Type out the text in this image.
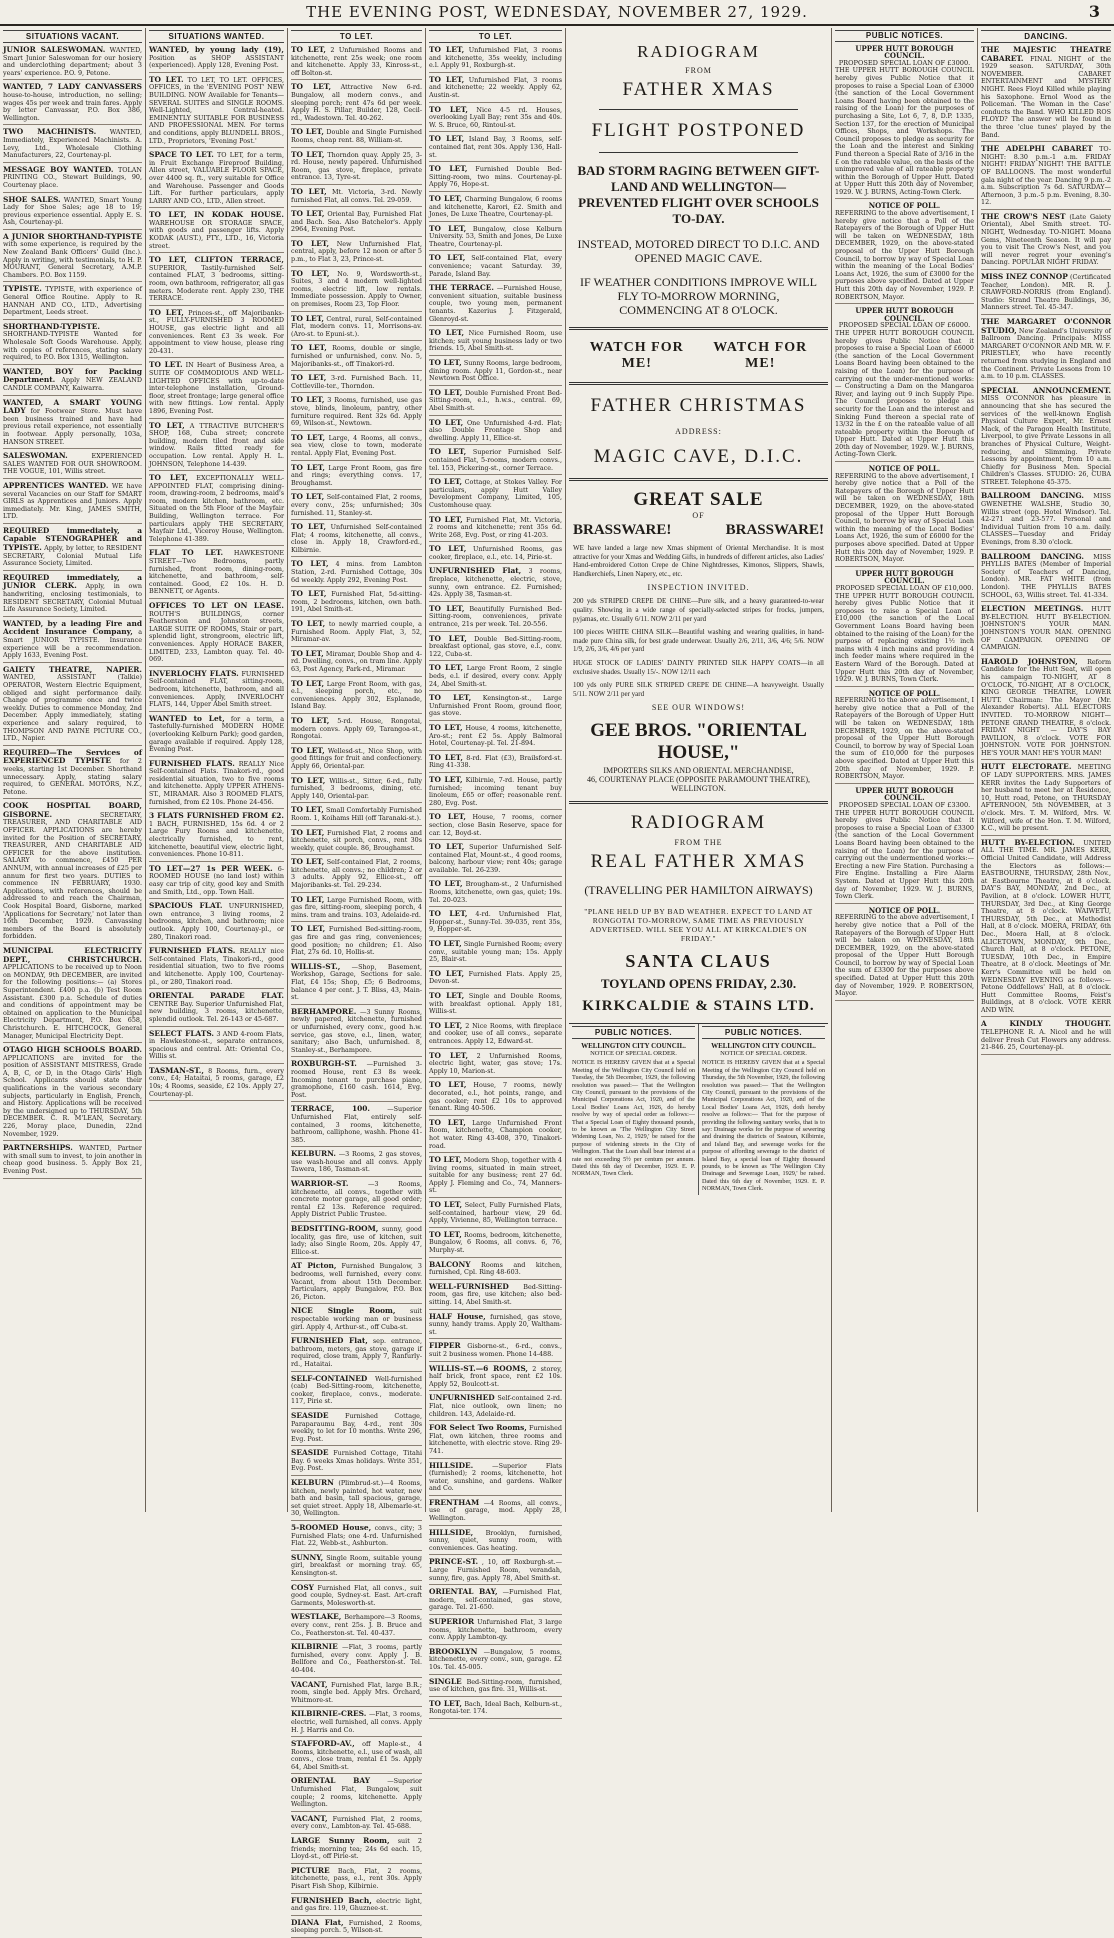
THE EVENING POST, WEDNESDAY, NOVEMBER 27, 1929.	3
SITUATIONS VACANT.
JUNIOR SALESWOMAN. WANTED, Smart Junior Saleswoman for our hosiery and underclothing department; about 3 years' experience. P.O. 9, Petone.
WANTED, 7 LADY CANVASSERS house-to-house, introduction, no selling; wages 45s per week and train fares. Apply by letter Canvassar, P.O. Box 386, Wellington.
TWO MACHINISTS. WANTED, Immediately, Experienced Machinists. A. Levy, Ltd., Wholesale Clothing Manufacturers, 22, Courtenay-pl.
MESSAGE BOY WANTED. TOLAN PRINTING CO., Stewart Buildings, 90, Courtenay place.
SHOE SALES. WANTED, Smart Young Lady for Shoe Sales; age 18 to 19; previous experience essential. Apply E. S. Ash, Courtenay-pl.
A JUNIOR SHORTHAND-TYPISTE with some experience, is required by the New Zealand Bank Officers' Guild (Inc.). Apply in writing, with testimonials, to H. P. MOURANT, General Secretary, A.M.P. Chambers. P.O. Box 1159.
TYPISTE. TYPISTE, with experience of General Office Routine. Apply to R. HANNAH AND CO., LTD., Advertising Department, Leeds street.
SHORTHAND-TYPISTE. SHORTHAND-TYPISTE Wanted for Wholesale Soft Goods Warehouse. Apply, with copies of references, stating salary required, to P.O. Box 1315, Wellington.
WANTED, BOY for Packing Department. Apply NEW ZEALAND CANDLE COMPANY, Kaiwarra.
WANTED, A SMART YOUNG LADY for Footwear Store. Must have been business trained and have had previous retail experience, not essentially in footwear. Apply personally, 103a, HANSON STREET.
SALESWOMAN.	EXPERIENCED SALES WANTED FOR OUR SHOWROOM. THE VOGUE, 101, Willis street.
APPRENTICES WANTED. WE have several Vacancies on our Staff for SMART GIRLS as Apprentices and Juniors. Apply immediately. Mr. King, JAMES SMITH, LTD.
REQUIRED immediately, a Capable STENOGRAPHER and TYPISTE. Apply, by letter, to RESIDENT SECRETARY, Colonial Mutual Life Assurance Society, Limited.
REQUIRED immediately, a JUNIOR CLERK. Apply, in own handwriting, enclosing testimonials, to RESIDENT SECRETARY, Colonial Mutual Life Assurance Society, Limited.
WANTED, by a leading Fire and Accident Insurance Company, a Smart JUNIOR TYPISTE. Insurance experience will be a recommendation. Apply 1633, Evening Post.
GAIETY THEATRE, NAPIER. WANTED, ASSISTANT (Talkie) OPERATOR, Western Electric Equipment, obliged and sight performance daily. Change of programme once and twice weekly. Duties to commence Monday, 2nd December. Apply immediately, stating experience and salary required, to THOMPSON AND PAYNE PICTURE CO., LTD., Napier.
REQUIRED—The Services of EXPERIENCED TYPISTE for 2 weeks, starting 1st December. Shorthand unnecessary. Apply, stating salary required, to GENERAL MOTORS, N.Z., Petone.
COOK HOSPITAL BOARD, GISBORNE.	SECRETARY, TREASURER, AND CHARITABLE AID OFFICER. APPLICATIONS are hereby invited for the Position of SECRETARY, TREASURER, AND CHARITABLE AID OFFICER for the above institution. SALARY to commence, £450 PER ANNUM, with annual increases of £25 per annum for first two years. DUTIES to commence IN FEBRUARY, 1930. Applications, with references, should be addressed to and reach the Chairman, Cook Hospital Board, Gisborne, marked 'Applications for Secretary,' not later than 16th December, 1929. Canvassing members of the Board is absolutely forbidden.
MUNICIPAL ELECTRICITY DEPT., CHRISTCHURCH. APPLICATIONS to be received up to Noon on MONDAY, 9th DECEMBER, are invited for the following positions:— (a) Stores Superintendent. £400 p.a. (b) Test Room Assistant. £300 p.a. Schedule of duties and conditions of appointment may be obtained on application to the Municipal Electricity Department, P.O. Box 658, Christchurch. E. HITCHCOCK, General Manager, Municipal Electricity Dept.
OTAGO HIGH SCHOOLS BOARD. APPLICATIONS are invited for the position of ASSISTANT MISTRESS, Grade A, B, C, or D, in the Otago Girls' High School. Applicants should state their qualifications in the various secondary subjects, particularly in English, French, and History. Applications will be received by the undersigned up to THURSDAY, 5th DECEMBER. C. R. M'LEAN, Secretary. 226, Moray place, Dunedin, 22nd November, 1929.
PARTNERSHIPS. WANTED, Partner with small sum to invest, to join another in cheap good business. 5. Apply Box 21, Evening Post.
SITUATIONS WANTED.
WANTED, by young lady (19), Position as SHOP ASSISTANT (experienced). Apply 128, Evening Post.
TO LET. TO LET, TO LET. OFFICES, OFFICES, in the 'EVENING POST' NEW BUILDING. NOW Available for Tenants— SEVERAL SUITES and SINGLE ROOMS. Well-Lighted, Central-heated. EMINENTLY SUITABLE FOR BUSINESS AND PROFESSIONAL MEN. For terms and conditions, apply BLUNDELL BROS., LTD., Proprietors, 'Evening Post.'
SPACE TO LET. TO LET, for a term, in Fruit Exchange Fireproof Building, Allen street, VALUABLE FLOOR SPACE, over 4400 sq. ft., very suitable for Office and Warehouse. Passenger and Goods Lift. For further particulars, apply LARRY AND CO., LTD., Allen street.
TO LET, IN KODAK HOUSE. WAREHOUSE OR STORAGE SPACE, with goods and passenger lifts. Apply KODAK (AUST.), PTY., LTD., 16, Victoria street.
TO LET, CLIFTON TERRACE, SUPERIOR, Tastily-furnished Self-contained FLAT, 3 bedrooms, sitting-room, own bathroom, refrigerator, all gas meters. Moderate rent. Apply 230, THE TERRACE.
TO LET, Princes-st., off Majoribanks-st., FULLY-FURNISHED 3 ROOMED HOUSE, gas electric light and all conveniences. Rent £3 3s week. For appointment to view house, please ring 20-431.
TO LET. IN Heart of Business Area, a SUITE OF COMMODIOUS AND WELL-LIGHTED OFFICES with up-to-date inter-telephone installation, Ground-floor, street frontage; large general office with new fittings. Low rental. Apply 1896, Evening Post.
TO LET, A TTRACTIVE BUTCHER'S SHOP, 168, Cuba street; concrete building, modern tiled front and side window. Rails fitted ready for occupation. Low rental. Apply H. L. JOHNSON, Telephone 14-439.
TO LET, EXCEPTIONALLY WELL-APPOINTED FLAT, comprising dining-room, drawing-room, 2 bedrooms, maid's room, modern kitchen, bathroom, etc. Situated on the 5th Floor of the Mayfair Building, Wellington terrace. For particulars apply THE SECRETARY, Mayfair Ltd., Viceroy House, Wellington. Telephone 41-389.
FLAT TO LET. HAWKESTONE STREET—Two Bedrooms, partly furnished, front room, dining-room, kitchenette, and bathroom, self-contained. Good, £2 10s. H. D. BENNETT, or Agents.
OFFICES TO LET ON LEASE. ROUTH'S BUILDINGS, corner Featherston and Johnston streets, LARGE SUITE OF ROOMS, Stair or part, splendid light, strongroom, electric lift, conveniences. Apply HORACE BAKER, LIMITED, 233, Lambton quay. Tel. 40-069.
INVERLOCHY FLATS. FURNISHED Self-contained FLAT, sitting-room, bedroom, kitchenette, bathroom, and all conveniences. Apply, INVERLOCHY FLATS, 144, Upper Abel Smith street.
WANTED to Let, for a term, a Tastefully-furnished MODERN HOME (overlooking Kelburn Park); good garden, garage available if required. Apply 128, Evening Post.
FURNISHED FLATS. REALLY Nice Self-contained Flats. Tinakori-rd., good residential situation, two to five rooms and kitchenette. Apply UPPER ATHENS-ST., MIRAMAR. Also 3 ROOMED FLATS, furnished, from £2 10s. Phone 24-456.
3 FLATS FURNISHED FROM £2. 1 BACH, FURNISHED, 15s 6d. 4 or 2 Large Fury Rooms and kitchenette, electrically furnished, to rent, kitchenette, beautiful view, electric light, conveniences. Phone 10-811.
TO LET—27 1s PER WEEK. 6-ROOMED HOUSE (no land lost) within easy car trip of city, good key and Smith and Smith, Ltd., opp. Town Hall.
SPACIOUS FLAT. UNFURNISHED, own entrance, 3 living rooms, 2 bedrooms, kitchen, and bathroom; nice outlook. Apply 100, Courtenay-pl., or 280, Tinakori road.
FURNISHED FLATS. REALLY nice Self-contained Flats, Tinakori-rd., good residential situation, two to five rooms and kitchenette. Apply 100, Courtenay-pl., or 280, Tinakori road.
ORIENTAL PARADE FLAT. CENTRE Bay. Superior Unfurnished Flat, new building, 3 rooms, kitchenette, splendid outlook. Tel. 26-143 or 45-687.
SELECT FLATS. 3 AND 4-room Flats, in Hawkestone-st., separate entrances, spacious and central. Att: Oriental Co., Willis st.
TASMAN-ST., 8 Rooms, furn., every conv., £4; Hataitai, 5 rooms, garage, £2 10s; 4 Rooms, seaside, £2 10s. Apply 27, Courtenay-pl.
TO LET.
TO LET, 2 Unfurnished Rooms and kitchenette, rent 25s week; one room and kitchenette. Apply 33, Kinross-st., off Bolton-st.
TO LET, Attractive New 6-rd. Bungalow, all modern convs., and sleeping porch; rent 47s 6d per week. Apply H. S. Pillar, Builder, 128, Cecil-rd., Wadestown. Tel. 40-262.
TO LET, Double and Single Furnished Rooms, cheap rent. 88, William-st.
TO LET, Thorndon quay. Apply 25, 3-rd. House, newly papered. Unfurnished Room, gas stove, fireplace, private entrance. 13, Tyre-st.
TO LET, Mt. Victoria, 3-rd. Newly furnished Flat, all convs. Tel. 29-059.
TO LET, Oriental Bay, Furnished Flat and Bach. Sea. Also Batchelor's. Apply 2964, Evening Post.
TO LET, New Unfurnished Flat, central, apply, before 12 noon or after 5 p.m., to Flat 3, 23, Prince-st.
TO LET, No. 9, Wordsworth-st., Suites, 3 and 4 modern well-lighted rooms, electric lift, low rentals. Immediate possession. Apply to Owner, on premises, Room 23, Top Floor.
TO LET, Central, rural, Self-contained Flat, modern convs. 11, Morrisons-av. (Aro-st. to Epuni-st.).
TO LET, Rooms, double or single, furnished or unfurnished, conv. No. 5, Majoribanks-st., off Tinakori-rd.
TO LET, 3-rd. Furnished Bach. 11, Cottleville-ter., Thorndon.
TO LET, 3 Rooms, furnished, use gas stove, blinds, linoleum, pantry, other furniture required. Rent 32s 6d. Apply 69, Wilson-st., Newtown.
TO LET, Large, 4 Rooms, all convs., sea view, close to town, moderate rental. Apply Flat, Evening Post.
TO LET, Large Front Room, gas fire and rings; everything convs. 17, Broughamst.
TO LET, Self-contained Flat, 2 rooms, every conv., 25s; unfurnished; 30s furnished. 11, Stanley-st.
TO LET, Unfurnished Self-contained Flat; 4 rooms, kitchenette, all convs., close in. Apply 18, Crawford-rd., Kilbirnie.
TO LET, 4 mins. from Lambton Station, 2-rd. Furnished Cottage, 30s 6d weekly. Apply 292, Evening Post.
TO LET, Furnished Flat, 5d-sitting-room, 2 bedrooms, kitchen, own bath. 191, Abel Smith-st.
TO LET, to newly married couple, a Furnished Room. Apply Flat, 3, 52, Miramar-av.
TO LET, Miramar, Double Shop and 4-rd. Dwelling, convs., on tram line. Apply 63, Post Agency, Park-rd., Miramar.
TO LET, Large Front Room, with gas, e.l., sleeping porch, etc., no conveniences. Apply 302, Esplanade, Island Bay.
TO LET, 5-rd. House, Rongotai, modern convs. Apply 69, Tarangoa-st., Rongotai.
TO LET, Wellesd-st., Nice Shop, with good fittings for fruit and confectionery. Apply 66, Oriental-par.
TO LET, Willis-st., Sitter, 6-rd., fully furnished, 3 bedrooms, dining, etc. Apply 140, Oriental-par.
TO LET, Small Comfortably Furnished Room. 1, Koihams Hill (off Taranaki-st.).
TO LET, Furnished Flat, 2 rooms and kitchenette, sit porch, convs., rent 30s weekly, quiet couple. 86, Broughamst.
TO LET, Self-contained Flat, 2 rooms, kitchenette, all convs.; no children; 2 or 3 adults. Apply 92, Ellice-st., off Majoribanks-st. Tel. 29-234.
TO LET, Large Furnished Room, with gas fire, sitting-room, sleeping porch, 4 mins. tram and trains. 103, Adelaide-rd.
TO LET, Furnished Bed-sitting-room, gas fire and gas ring, conveniences; good position; no children; £1. Also Flat, 27s 6d. 10, Hollis-st.
WILLIS-ST., —Shop, Basement, Workshop, Garage, Sections for sale. Flat, £4 15s; Shop, £5; 6 Bedrooms, balance 4 per cent. J. T. Bliss, 43, Main-st.
BERHAMPORE. —3 Sunny Rooms, newly papered, kitchenette, furnished or unfurnished, every conv., good h.w. service, gas stove, e.l., linen, water, sanitary; also Bach, unfurnished. 8, Stanley-st., Berhampore.
ROXBURGH-ST. —Furnished 3-roomed House, rent £3 8s week. Incoming tenant to purchase piano, gramophone, £160 cash. 1614, Evg. Post.
TERRACE, 100.	—Superior Unfurnished Flat, entirely self-contained, 3 rooms, kitchenette, bathroom, calliphone, washh. Phone 41-385.
KELBURN. —3 Rooms, 2 gas stoves, use wash-house and all convs. Apply Tawera, 186, Tasman-st.
WARRIOR-ST.	—3 Rooms, kitchenette, all convs., together with concrete motor garage, all good order; rental £2 13s. Reference required. Apply District Public Trustee.
BEDSITTING-ROOM, sunny, good locality, gas fire, use of kitchen, suit lady; also Single Room, 20s. Apply 47, Ellice-st.
AT Picton, Furnished Bungalow, 3 bedrooms, well furnished, every conv. Vacant, from about 15th December. Particulars, apply Bungalow, P.O. Box 26, Picton.
NICE Single Room, suit respectable working man or business girl. Apply 4, Arthur-st., off Cuba-st.
FURNISHED Flat, sep. entrance, bathroom, meters, gas stove, garage if required, close tram, Apply 7, Ranfurly-rd., Hataitai.
SELF-CONTAINED Well-furnished (cab) Bed-Sitting-room, kitchenette, cooker, fireplace, convs., moderate. 117, Pirie st.
SEASIDE	Furnished Cottage, Paraparaumu Bay, 4-rd., rent 30s weekly, to let for 10 months. Write 296, Evg. Post.
SEASIDE Furnished Cottage, Titahi Bay. 6 weeks Xmas holidays. Write 351, Evg. Post.
KELBURN (Plimbrud-st.)—4 Rooms, kitchen, newly painted, hot water, new bath and basin, tall spacious, garage, set quiet street. Apply 18, Albemarle-st. 30, Wellington.
5-ROOMED House, convs., city; 3 Furnished Flats; one 4-rd. Unfurnished Flat. 22, Webb-st., Ashburton.
SUNNY, Single Room, suitable young girl, breakfast or morning tray. 65, Kensington-st.
COSY Furnished Flat, all convs., suit good couple, Sydney-st. East. Art-craft Garments, Molesworth-st.
WESTLAKE, Berhampore—3 Rooms, every conv., rent 25s. J. B. Bruce and Co., Featherston-st. Tel. 40-437.
KILBIRNIE —Flat, 3 rooms, partly furnished, every conv. Apply J. B. Bellfore and Co., Featherston-st. Tel. 40-404.
VACANT, Furnished Flat, large B.R.; room, single bed. Apply Mrs. Orchard, Whitmore-st.
KILBIRNIE-CRES. —Flat, 3 rooms, electric, well furnished, all convs. Apply H. J. Harris and Co.
STAFFORD-AV., off Maple-st., 4 Rooms, kitchenette, e.l., use of wash, all convs., close tram, rental £1 5s. Apply 64, Abel Smith-st.
ORIENTAL BAY	—Superior Unfurnished Flat, Bungalow, suit couple; 2 rooms, kitchenette. Apply Wellington.
VACANT, Furnished Flat, 2 rooms, every conv., Lambton-ay. Tel. 45-688.
LARGE Sunny Room, suit 2 friends; morning tea; 24s 6d each. 15, Lloyd-st., off Pirie-st.
PICTURE Bach, Flat, 2 rooms, kitchenette, pass, e.l., rent 30s. Apply Pisart Fish Shop, Kilbirnie.
FURNISHED Bach, electric light, and gas fire. 119, Ghuznee-st.
DIANA Flat, Furnished, 2 Rooms, sleeping porch. 5, Wilson-st.
TO LET.
TO LET, Unfurnished Flat, 3 rooms and kitchenette, 35s weekly, including e.l. Apply 91, Roxburgh-st.
TO LET, Unfurnished Flat, 3 rooms and kitchenette; 22 weekly. Apply 62, Austin-st.
TO LET, Nice 4-5 rd. Houses, overlooking Lyall Bay; rent 35s and 40s. W. S. Bruce, 60, Rintoul-st.
TO LET, Island Bay, 3 Rooms, self-contained flat, rent 30s. Apply 136, Hall-st.
TO LET, Furnished Double Bed-Sitting-room, two mins. Courtenay-pl. Apply 76, Hope-st.
TO LET, Charming Bungalow, 6 rooms and kitchenette, Karori, £2. Smith and Jones, De Luxe Theatre, Courtenay-pl.
TO LET, Bungalow, close Kelburn University. 53, Smith and Jones, De Luxe Theatre, Courtenay-pl.
TO LET, Self-contained Flat, every convenience; vacant Saturday. 39, Parade, Island Bay.
THE TERRACE. —Furnished House, convenient situation, suitable business couple, two young men, permanent tenants. Kazerius J. Fitzgerald, Glenroyd-st.
TO LET, Nice Furnished Room, use kitchen; suit young business lady or two friends. 15, Abel Smith-st.
TO LET, Sunny Rooms, large bedroom, dining room. Apply 11, Gordon-st., near Newtown Post Office.
TO LET, Double Furnished Front Bed-Sitting-room, e.l., h.w.s., central. 69, Abel Smith-st.
TO LET, One Unfurnished 4-rd. Flat; also Double Frontage Shop and dwelling. Apply 11, Ellice-st.
TO LET, Superior Furnished Self-contained Flat, 5-rooms, modern convs., tel. 153, Pickering-st., corner Terrace.
TO LET, Cottage, at Stokes Valley. For particulars, apply Hutt Valley Development Company, Limited, 105, Customhouse quay.
TO LET, Furnished Flat, Mt. Victoria, 2 rooms and kitchenette; rent 35s 6d. Write 268, Evg. Post, or ring 41-203.
TO LET, Unfurnished Rooms, gas cooker, fireplace, e.l., etc. 14, Pirie-st.
UNFURNISHED Flat, 3 rooms, fireplace, kitchenette, electric, stove, sunny, own entrance. £2. Furnished; 42s. Apply 38, Tasman-st.
TO LET, Beautifully Furnished Bed-Sitting-room, conveniences, private entrance, 21s per week. Tel. 20-556.
TO LET, Double Bed-Sitting-room, breakfast optional, gas stove, e.l., conv. 122, Cuba-st.
TO LET, Large Front Room, 2 single beds, e.l. if desired, every conv. Apply 24, Abel Smith-st.
TO LET, Kensington-st., Large Unfurnished Front Room, ground floor, gas stove.
TO LET, House, 4 rooms, kitchenette, Aro-st.; rent £2 5s. Apply Balmoral Hotel, Courtenay-pl. Tel. 21-894.
TO LET, 8-rd. Flat (£3), Brailsford-st. Ring 41-338.
TO LET, Kilbirnie, 7-rd. House, partly furnished; incoming tenant buy linoleum, £65 or offer; reasonable rent. 280, Evg. Post.
TO LET, House, 7 rooms, corner section, close Basin Reserve, space for car. 12, Boyd-st.
TO LET, Superior Unfurnished Self-contained Flat, Mount-st., 4 good rooms, balcony, harbour view; rent 40s; garage available. Tel. 26-239.
TO LET, Brougham-st., 2 Unfurnished Rooms, kitchenette, own gas, quiet; 19s. Tel. 20-023.
TO LET, 4-rd. Unfurnished Flat, Hopper-st., Sunny-Tel. 39-035, rent 35s, 9, Hopper-st.
TO LET, Single Furnished Room; every conv., suitable young man; 15s. Apply 25, Blair-st.
TO LET, Furnished Flats. Apply 25, Devon-st.
TO LET, Single and Double Rooms, with breakfast optional. Apply 181, Willis-st.
TO LET, 2 Nice Rooms, with fireplace and cooker, use of all convs., separate entrances. Apply 12, Edward-st.
TO LET, 2 Unfurnished Rooms, electric light, water, gas stove; 17s. Apply 10, Marion-st.
TO LET, House, 7 rooms, newly decorated, e.l., hot points, range, and gas cooker; rent £2 10s to approved tenant. Ring 40-506.
TO LET, Large Unfurnished Front Room, kitchenette, Champion cooker, hot water. Ring 43-408, 370, Tinakori-road.
TO LET, Modern Shop, together with 4 living rooms, situated in main street, suitable for any business; rent 27 6d. Apply J. Fleming and Co., 74, Manners-st.
TO LET, Select, Fully Furnished Flats, self-contained, harbour view, 29 6d. Apply, Vivienne, 85, Wellington terrace.
TO LET, Rooms, bedroom, kitchenette, Bungalow, 6 Rooms, all convs. 6, 76, Murphy-st.
BALCONY Rooms and kitchen, furnished, Cpl. Ring 48-603.
WELL-FURNISHED Bed-Sitting-room, gas fire, use kitchen; also bed-sitting. 14, Abel Smith-st.
HALF House, furnished, gas stove, sunny, handy trams. Apply 20, Waltham-st.
FIPPER Gisborne-st., 6-rd., convs., suit 2 business women. Phone 14-488.
WILLIS-ST.—6 ROOMS, 2 storey, half brick, front space, rent £2 10s. Apply 52, Boulcott-st.
UNFURNISHED Self-contained 2-rd. Flat, nice outlook, own linen; no children. 143, Adelaide-rd.
FOR Select Two Rooms, Furnished Flat, own kitchen, three rooms and kitchenette, with electric stove. Ring 29-741.
HILLSIDE.	—Superior Flats (furnished); 2 rooms, kitchenette, hot water, sunshine, and gardens. Walker and Co.
FRENTHAM —4 Rooms, all convs., use of garage, mod. Apply 28, Wellington.
HILLSIDE, Brooklyn, furnished, sunny, quiet, sunny room, with conveniences. Gas heating.
PRINCE-ST. , 10, off Roxburgh-st.—Large Furnished Room, verandah, sunny, fire, gas. Apply 78, Abel Smith-st.
ORIENTAL BAY, —Furnished Flat, modern, self-contained, gas stove, garage. Tel. 21-650.
SUPERIOR Unfurnished Flat, 3 large rooms, kitchenette, bathroom, every conv. Apply Lambton-qy.
BROOKLYN —Bungalow, 5 rooms, kitchenette, every conv., sun, garage. £2 10s. Tel. 45-005.
SINGLE Bed-Sitting-room, furnished, use of kitchen, gas fire. 31, Willis-st.
TO LET, Bach, Ideal Bach, Kelburn-st., Rongotai-ter. 174.
RADIOGRAM
FROM
FATHER XMAS
FLIGHT POSTPONED
BAD STORM RAGING BETWEEN GIFT-LAND AND WELLINGTON—PREVENTED FLIGHT OVER SCHOOLS TO-DAY.
INSTEAD, MOTORED DIRECT TO D.I.C. AND OPENED MAGIC CAVE.
IF WEATHER CONDITIONS IMPROVE WILL FLY TO-MORROW MORNING, COMMENCING AT 8 O'LOCK.
WATCH FOR ME!
WATCH FOR ME!
FATHER CHRISTMAS
ADDRESS:
MAGIC CAVE, D.I.C.
GREAT SALE
OF
BRASSWARE!	BRASSWARE!
WE have landed a large new Xmas shipment of Oriental Merchandise. It is most attractive for your Xmas and Wedding Gifts, in hundreds of different articles, also Ladies' Hand-embroidered Cotton Crepe de Chine Nightdresses, Kimonos, Slippers, Shawls, Handkerchiefs, Linen Napery, etc., etc.
INSPECTION INVITED.
200 yds STRIPED CREPE DE CHINE—Pure silk, and a heavy guaranteed-to-wear quality. Showing in a wide range of specially-selected stripes for frocks, jumpers, pyjamas, etc. Usually 6/11. NOW 2/11 per yard
100 pieces WHITE CHINA SILK—Beautiful washing and wearing qualities, in hand-made pure China silk, for best grade underwear. Usually 2/6, 2/11, 3/6, 4/6; 5/6. NOW 1/9, 2/6, 3/6, 4/6 per yard
HUGE STOCK OF LADIES' DAINTY PRINTED SILK HAPPY COATS—in all exclusive shades. Usually 15/-. NOW 12/11 each
100 yds only PURE SILK STRIPED CREPE DE CHINE—A heavyweight. Usually 5/11. NOW 2/11 per yard
SEE OUR WINDOWS!
GEE BROS. "ORIENTAL HOUSE,"
IMPORTERS SILKS AND ORIENTAL MERCHANDISE,
46, COURTENAY PLACE (OPPOSITE PARAMOUNT THEATRE), WELLINGTON.
RADIOGRAM
FROM THE
REAL FATHER XMAS
(TRAVELLING PER HAMILTON AIRWAYS)
"PLANE HELD UP BY BAD WEATHER. EXPECT TO LAND AT RONGOTAI TO-MORROW, SAME TIME AS PREVIOUSLY ADVERTISED. WILL SEE YOU ALL AT KIRKCALDIE'S ON FRIDAY."
SANTA CLAUS
TOYLAND OPENS FRIDAY, 2.30.
KIRKCALDIE & STAINS LTD.
PUBLIC NOTICES.
WELLINGTON CITY COUNCIL.
NOTICE OF SPECIAL ORDER.
NOTICE IS HEREBY GIVEN that at a Special Meeting of the Wellington City Council held on Tuesday, the 5th December, 1929, the following resolution was passed:— That the Wellington City Council, pursuant to the provisions of the Municipal Corporations Act, 1920, and of the Local Bodies' Loans Act, 1926, do hereby resolve by way of special order as follows:— That a Special Loan of Eighty thousand pounds, to be known as 'The Wellington City Street Widening Loan, No. 2, 1929,' be raised for the purpose of widening streets in the City of Wellington. That the Loan shall bear interest at a rate not exceeding 5½ per centum per annum. Dated this 6th day of December, 1929. E. P. NORMAN, Town Clerk.
PUBLIC NOTICES.
WELLINGTON CITY COUNCIL.
NOTICE OF SPECIAL ORDER.
NOTICE IS HEREBY GIVEN that at a Special Meeting of the Wellington City Council held on Thursday, the 5th November, 1929, the following resolution was passed:— That the Wellington City Council, pursuant to the provisions of the Municipal Corporations Act, 1920, and of the Local Bodies' Loans Act, 1926, doth hereby resolve as follows:— That for the purpose of providing the following sanitary works, that is to say: Drainage works for the purpose of sewering and draining the districts of Seatoun, Kilbirnie, and Island Bay, and sewerage works for the purpose of affording sewerage to the district of Island Bay, a special loan of Eighty thousand pounds, to be known as 'The Wellington City Drainage and Sewerage Loan, 1929,' be raised. Dated this 6th day of November, 1929. E. P. NORMAN, Town Clerk.
PUBLIC NOTICES.
UPPER HUTT BOROUGH COUNCIL.
PROPOSED SPECIAL LOAN OF £3000.
THE UPPER HUTT BOROUGH COUNCIL hereby gives Public Notice that it proposes to raise a Special Loan of £3000 (the sanction of the Local Government Loans Board having been obtained to the raising of the Loan) for the purposes of purchasing a Site, Lot 6, 7, 8, D.P. 1335, Section 137, for the erection of Municipal Offices, Shops, and Workshops. The Council proposes to pledge as security for the Loan and the interest and Sinking Fund thereon a Special Rate of 3/16 in the £ on the rateable value, on the basis of the unimproved value of all rateable property within the Borough of Upper Hutt. Dated at Upper Hutt this 20th day of November, 1929. W. J. BURNS, Acting-Town Clerk.
NOTICE OF POLL.
REFERRING to the above advertisement, I hereby give notice that a Poll of the Ratepayers of the Borough of Upper Hutt will be taken on WEDNESDAY, 18th DECEMBER, 1929, on the above-stated proposal of the Upper Hutt Borough Council, to borrow by way of Special Loan within the meaning of the Local Bodies' Loans Act, 1926, the sum of £3000 for the purposes above specified. Dated at Upper Hutt this 20th day of November, 1929. P. ROBERTSON, Mayor.
UPPER HUTT BOROUGH COUNCIL.
PROPOSED SPECIAL LOAN OF £6000.
THE UPPER HUTT BOROUGH COUNCIL hereby gives Public Notice that it proposes to raise a Special Loan of £6000 (the sanction of the Local Government Loans Board having been obtained to the raising of the Loan) for the purpose of carrying out the under-mentioned works:— Constructing a Dam on the Mangaroa River, and laying out 9 inch Supply Pipe. The Council proposes to pledge as security for the Loan and the interest and Sinking Fund thereon a special rate of 13/32 in the £ on the rateable value of all rateable property within the Borough of Upper Hutt. Dated at Upper Hutt this 20th day of November, 1929. W. J. BURNS, Acting-Town Clerk.
NOTICE OF POLL.
REFERRING to the above advertisement, I hereby give notice that a Poll of the Ratepayers of the Borough of Upper Hutt will be taken on WEDNESDAY, 18th DECEMBER, 1929, on the above-stated proposal of the Upper Hutt Borough Council, to borrow by way of Special Loan within the meaning of the Local Bodies' Loans Act, 1926, the sum of £6000 for the purposes above specified. Dated at Upper Hutt this 20th day of November, 1929. P. ROBERTSON, Mayor.
UPPER HUTT BOROUGH COUNCIL.
PROPOSED SPECIAL LOAN OF £10,000.
THE UPPER HUTT BOROUGH COUNCIL hereby gives Public Notice that it proposes to raise a Special Loan of £10,000 (the sanction of the Local Government Loans Board having been obtained to the raising of the Loan) for the purpose of replacing existing 1½ inch mains with 4 inch mains and providing 4 inch feeder mains where required in the Eastern Ward of the Borough. Dated at Upper Hutt this 20th day of November, 1929. W. J. BURNS, Town Clerk.
NOTICE OF POLL.
REFERRING to the above advertisement, I hereby give notice that a Poll of the Ratepayers of the Borough of Upper Hutt will be taken on WEDNESDAY, 18th DECEMBER, 1929, on the above-stated proposal of the Upper Hutt Borough Council, to borrow by way of Special Loan the sum of £10,000 for the purposes above specified. Dated at Upper Hutt this 20th day of November, 1929. P. ROBERTSON, Mayor.
UPPER HUTT BOROUGH COUNCIL.
PROPOSED SPECIAL LOAN OF £3300.
THE UPPER HUTT BOROUGH COUNCIL hereby gives Public Notice that it proposes to raise a Special Loan of £3300 (the sanction of the Local Government Loans Board having been obtained to the raising of the Loan) for the purpose of carrying out the undermentioned works:— Erecting a new Fire Station. Purchasing a Fire Engine. Installing a Fire Alarm System. Dated at Upper Hutt this 20th day of November, 1929. W. J. BURNS, Town Clerk.
NOTICE OF POLL.
REFERRING to the above advertisement, I hereby give notice that a Poll of the Ratepayers of the Borough of Upper Hutt will be taken on WEDNESDAY, 18th DECEMBER, 1929, on the above-stated proposal of the Upper Hutt Borough Council, to borrow by way of Special Loan the sum of £3300 for the purposes above specified. Dated at Upper Hutt this 20th day of November, 1929. P. ROBERTSON, Mayor.
DANCING.
THE MAJESTIC THEATRE CABARET. FINAL NIGHT of the 1929 season. SATURDAY, 30th NOVEMBER. CABARET ENTERTAINMENT and MYSTERY NIGHT. Rees Floyd Killed while playing his Saxophone. Ernol Wood as the Policeman. 'The Woman in the Case' conducts the Band. WHO KILLED ROS FLOYD? The answer will be found in the three 'clue tunes' played by the Band.
THE ADELPHI CABARET TO-NIGHT: 8.30 p.m.-1 a.m. FRIDAY NIGHT! FRIDAY NIGHT! THE BATTLE OF BALLOONS. The most wonderful gala night of the year. Dancing 9 p.m.-2 a.m. Subscription 7s 6d. SATURDAY—Afternoon, 3 p.m.-5 p.m. Evening, 8.30-12.
THE CROW'S NEST (Late Gaiety Oriental), Abel Smith street. TO-NIGHT, Wednesday. TO-NIGHT. Moana Gems, Nineteenth Season. It will pay you to visit The Crow's Nest, and you will never regret your evening's Dancing. POPULAR NIGHT FRIDAY.
MISS INEZ CONNOP (Certificated Teacher, London). MR. R. J. CRAWFORD-NORRIS (from England). Studio: Strand Theatre Buildings, 36, Manners street. Tel. 45-347.
THE MARGARET O'CONNOR STUDIO, New Zealand's University of Ballroom Dancing. Principals: MISS MARGARET O'CONNOR AND MR. W. F. PRIESTLEY, who have recently returned from studying in England and the Continent. Private Lessons from 10 a.m. to 10 p.m. CLASSES.
SPECIAL ANNOUNCEMENT. MISS O'CONNOR has pleasure in announcing that she has secured the services of the well-known English Physical Culture Expert, Mr. Ernest Mack, of the Paragon Health Institute, Liverpool, to give Private Lessons in all branches of Physical Culture, Weight-reducing, and Slimming. Private Lessons by appointment, from 10 a.m. Chiefly for Business Men. Special Children's Classes. STUDIO: 26, CUBA STREET. Telephone 45-375.
BALLROOM DANCING. MISS GWENETHE WALSHE, Studio 30, Willis street (opp. Hotel Windsor). Tel. 42-271 and 23-577. Personal and Individual Tuition from 10 a.m. daily. CLASSES—Tuesday and Friday Evenings, from 8.30 o'clock.
BALLROOM DANCING. MISS PHYLLIS BATES (Member of Imperial Society of Teachers of Dancing, London). MR. FAT WHITE (from London). THE PHYLLIS BATES SCHOOL, 63, Willis street. Tel. 41-334.
ELECTION MEETINGS. HUTT BY-ELECTION. HUTT BY-ELECTION. JOHNSTON'S YOUR MAN. JOHNSTON'S YOUR MAN. OPENING OF CAMPAIGN. OPENING OF CAMPAIGN.
HAROLD JOHNSTON, Reform Candidate for the Hutt Seat, will open his campaign TO-NIGHT, AT 8 O'CLOCK, TO-NIGHT, AT 8 O'CLOCK, KING GEORGE THEATRE, LOWER HUTT. Chairman: The Mayor (Mr. Alexander Roberts). ALL ELECTORS INVITED. TO-MORROW NIGHT—PETONE GRAND THEATRE, 8 o'clock. FRIDAY NIGHT — DAY'S BAY PAVILION, 8 o'clock. VOTE FOR JOHNSTON. VOTE FOR JOHNSTON. HE'S YOUR MAN! HE'S YOUR MAN!
HUTT ELECTORATE. MEETING OF LADY SUPPORTERS. MRS. JAMES KERR invites the Lady Supporters of her husband to meet her at Residence, 10, Hutt road, Petone, on THURSDAY AFTERNOON, 5th NOVEMBER, at 3 o'clock. Mrs. T. M. Wilford, Mrs. W. Wilford, wife of the Hon. T. M. Wilford, K.C., will be present.
HUTT BY-ELECTION. UNITED ALL THE TIME. MR. JAMES KERR, Official United Candidate, will Address the Electors as follows:— EASTBOURNE, THURSDAY, 28th Nov., at Eastbourne Theatre, at 8 o'clock. DAY'S BAY, MONDAY, 2nd Dec., at Pavilion, at 8 o'clock. LOWER HUTT, THURSDAY, 3rd Dec., at King George Theatre, at 8 o'clock. WAIWETU, THURSDAY, 5th Dec., at Methodist Hall, at 8 o'clock. MOERA, FRIDAY, 6th Dec., Moera Hall, at 8 o'clock. ALICETOWN, MONDAY, 9th Dec., Church Hall, at 8 o'clock. PETONE, TUESDAY, 10th Dec., in Empire Theatre, at 8 o'clock. Meetings of Mr. Kerr's Committee will be held on WEDNESDAY EVENING as follows:— Petone Oddfellows' Hall, at 8 o'clock. Hutt Committee Rooms, Feist's Buildings, at 8 o'clock. VOTE KERR AND WIN.
A KINDLY THOUGHT. TELEPHONE R. A. Nicol and he will deliver Fresh Cut Flowers any address. 21-846. 25, Courtenay-pl.
